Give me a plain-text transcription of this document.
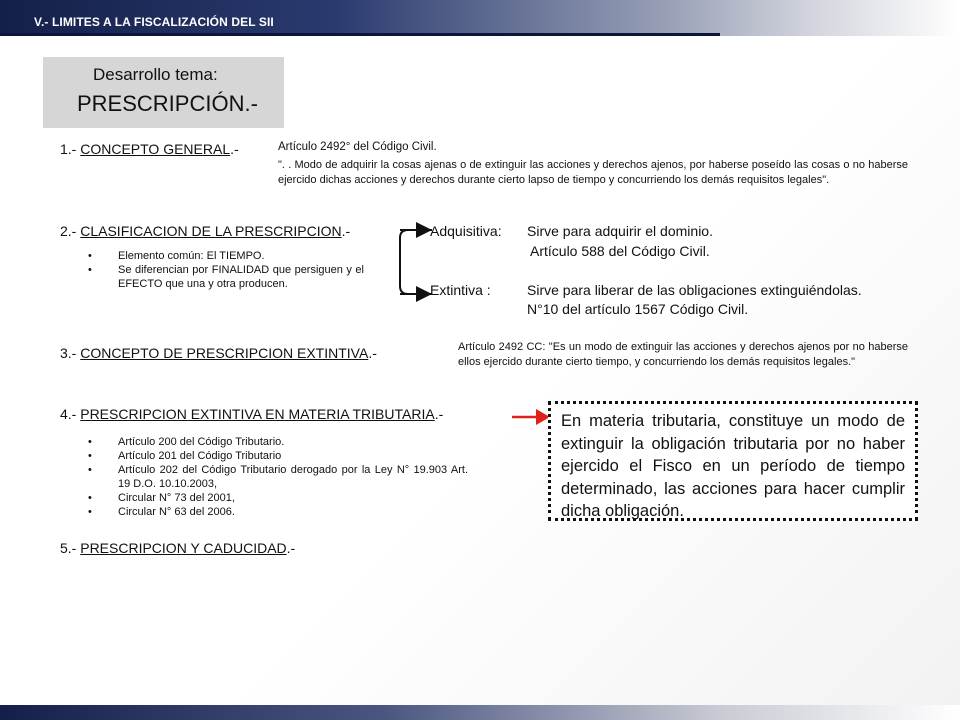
V.- LIMITES A LA FISCALIZACIÓN DEL SII
Desarrollo tema:
PRESCRIPCIÓN.-
1.- CONCEPTO GENERAL.-	Artículo 2492° del Código Civil.
". . Modo de adquirir la cosas ajenas o de extinguir las acciones y derechos ajenos, por haberse poseído las cosas o no haberse ejercido dichas acciones y derechos durante cierto lapso de tiempo y concurriendo los demás requisitos legales".
2.- CLASIFICACION DE LA PRESCRIPCION.-
• Elemento común: El TIEMPO.
• Se diferencian por FINALIDAD que persiguen y el EFECTO que una y otra producen.
Adquisitiva: Sirve para adquirir el dominio.
Artículo 588 del Código Civil.
Extintiva :	Sirve para liberar de las obligaciones extinguiéndolas.
N°10 del artículo 1567 Código Civil.
3.- CONCEPTO DE PRESCRIPCION EXTINTIVA.-	Artículo 2492 CC: "Es un modo de extinguir las acciones y derechos ajenos por no haberse ellos ejercido durante cierto tiempo, y concurriendo los demás requisitos legales."
4.- PRESCRIPCION EXTINTIVA EN MATERIA TRIBUTARIA.-
• Artículo 200 del Código Tributario.
• Artículo 201 del Código Tributario
• Artículo 202 del Código Tributario derogado por la Ley N° 19.903 Art. 19 D.O. 10.10.2003,
• Circular N° 73 del 2001,
• Circular N° 63 del 2006.
En materia tributaria, constituye un modo de extinguir la obligación tributaria por no haber ejercido el Fisco en un período de tiempo determinado, las acciones para hacer cumplir dicha obligación.
5.- PRESCRIPCION Y CADUCIDAD.-
